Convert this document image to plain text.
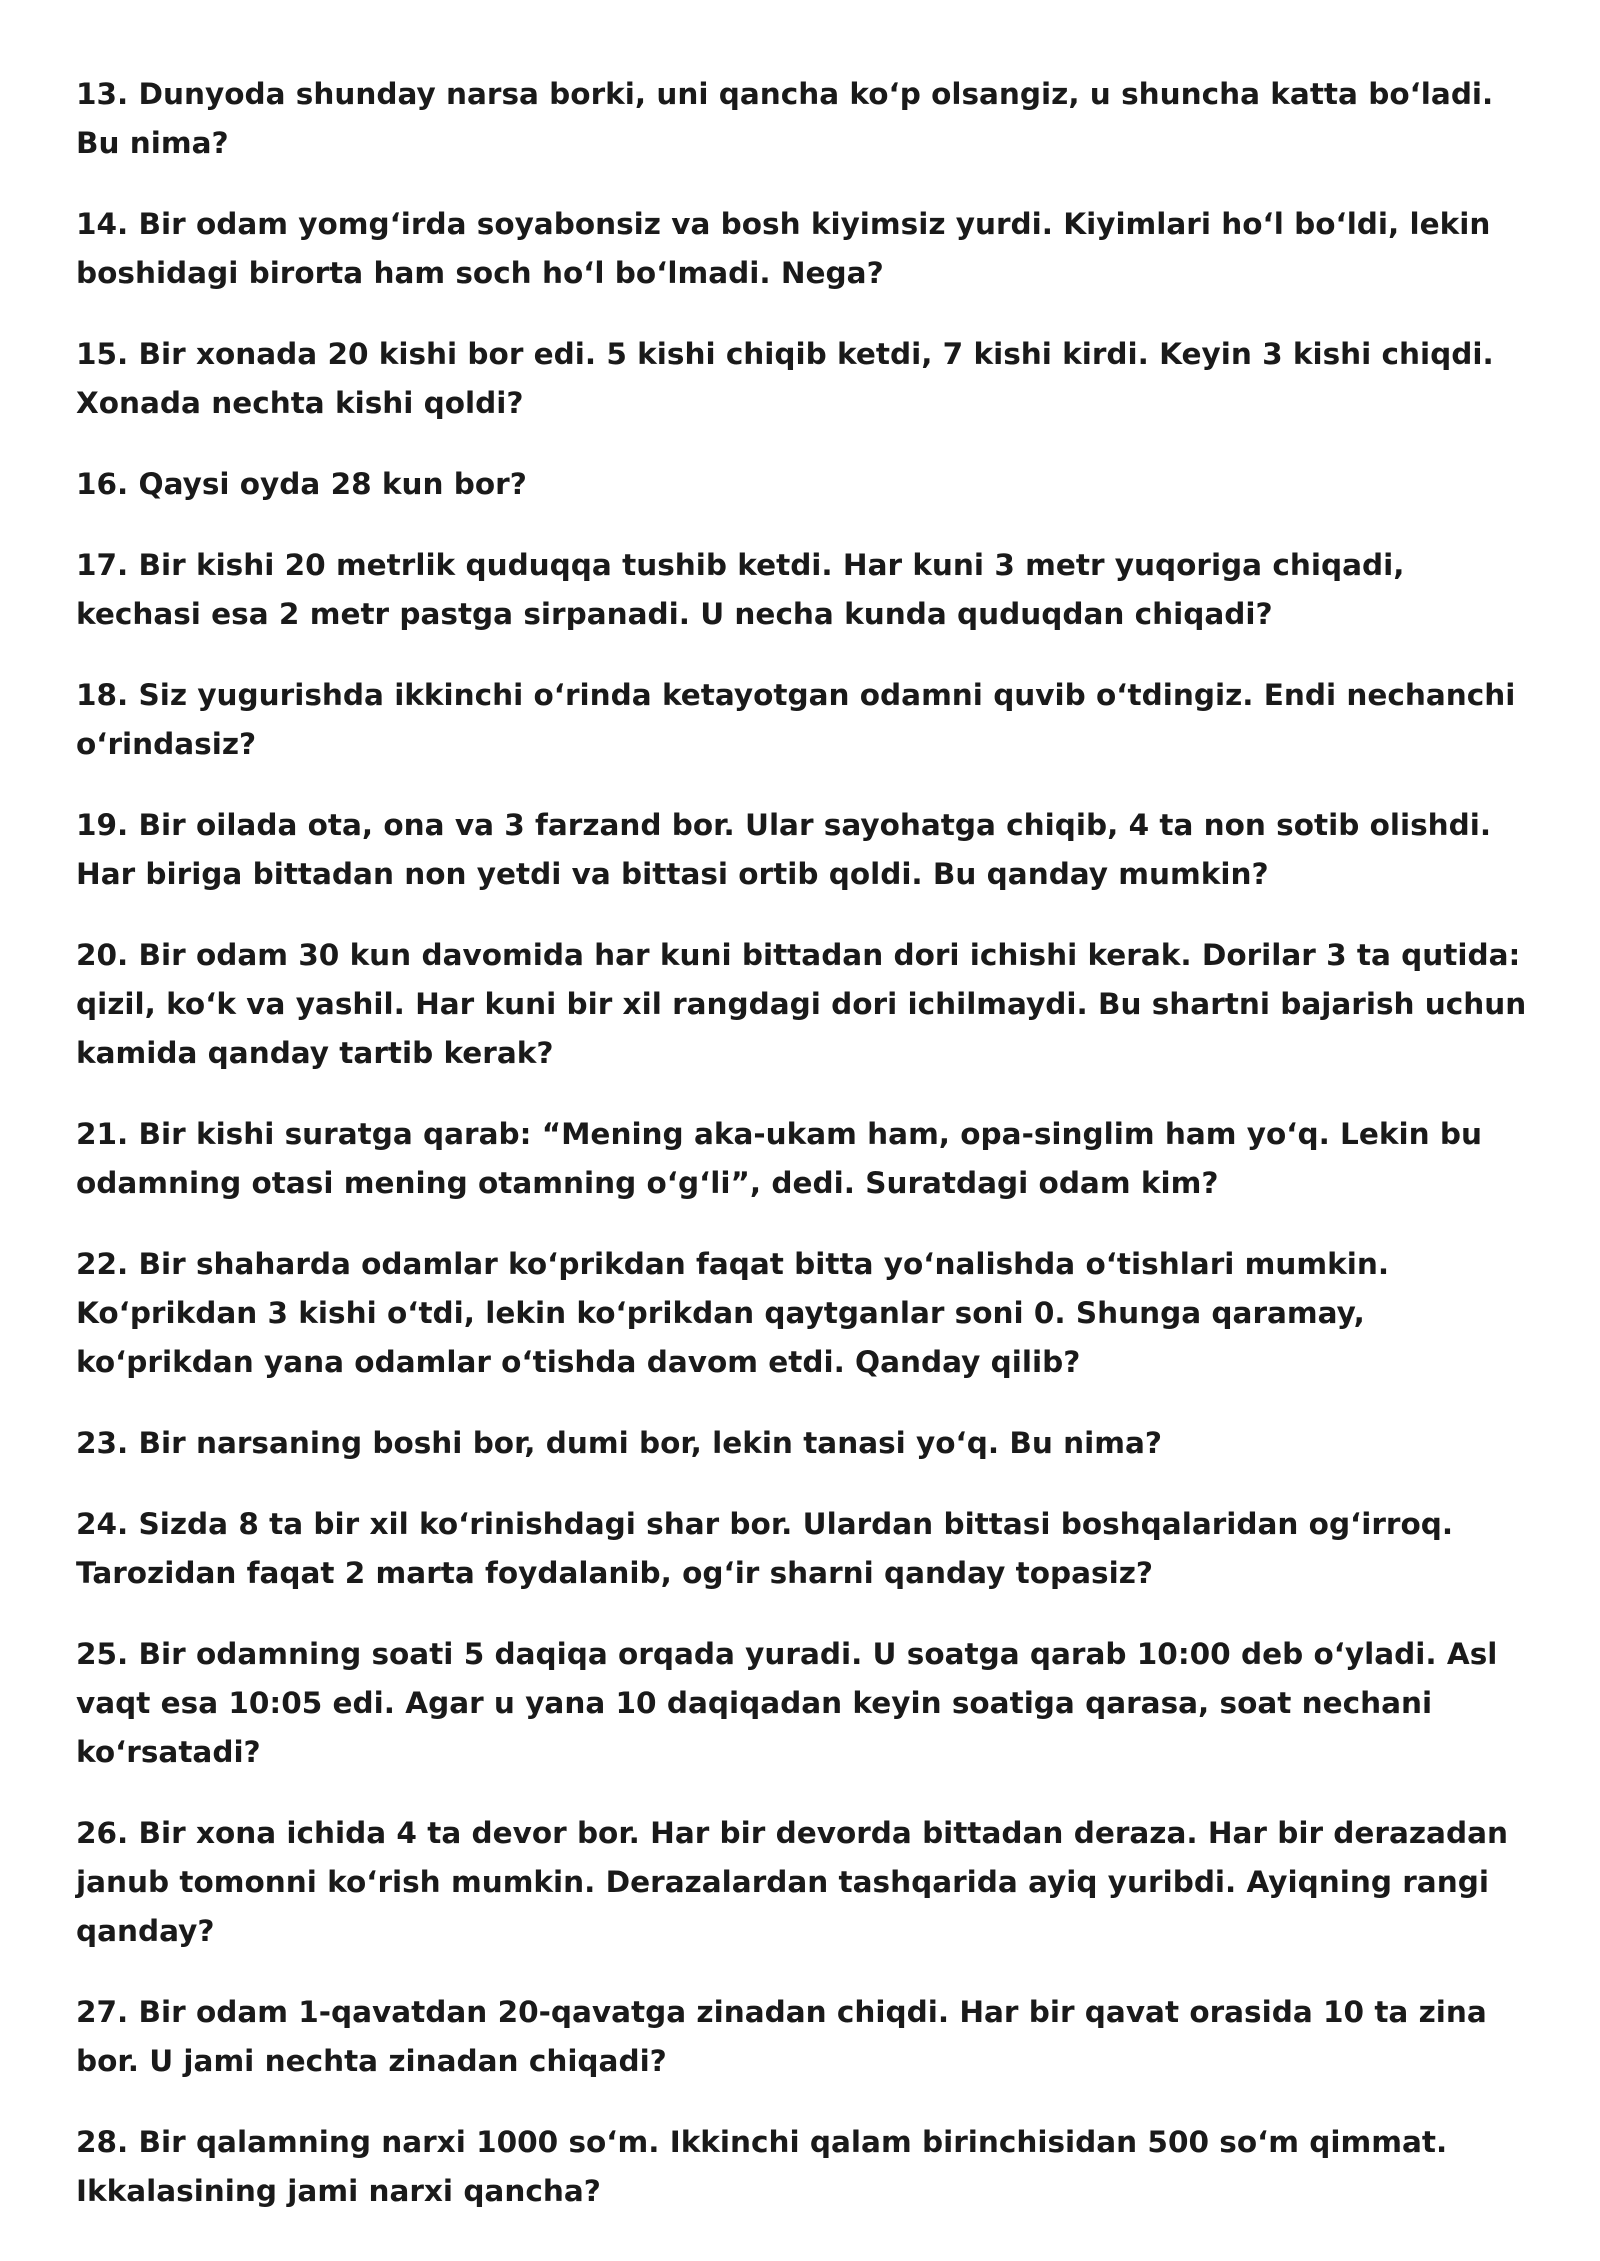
13. Dunyoda shunday narsa borki, uni qancha ko‘p olsangiz, u shuncha katta bo‘ladi. Bu nima?

14. Bir odam yomg‘irda soyabonsiz va bosh kiyimsiz yurdi. Kiyimlari ho‘l bo‘ldi, lekin boshidagi birorta ham soch ho‘l bo‘lmadi. Nega?

15. Bir xonada 20 kishi bor edi. 5 kishi chiqib ketdi, 7 kishi kirdi. Keyin 3 kishi chiqdi. Xonada nechta kishi qoldi?

16. Qaysi oyda 28 kun bor?

17. Bir kishi 20 metrlik quduqqa tushib ketdi. Har kuni 3 metr yuqoriga chiqadi, kechasi esa 2 metr pastga sirpanadi. U necha kunda quduqdan chiqadi?

18. Siz yugurishda ikkinchi o‘rinda ketayotgan odamni quvib o‘tdingiz. Endi nechanchi o‘rindasiz?

19. Bir oilada ota, ona va 3 farzand bor. Ular sayohatga chiqib, 4 ta non sotib olishdi. Har biriga bittadan non yetdi va bittasi ortib qoldi. Bu qanday mumkin?

20. Bir odam 30 kun davomida har kuni bittadan dori ichishi kerak. Dorilar 3 ta qutida: qizil, ko‘k va yashil. Har kuni bir xil rangdagi dori ichilmaydi. Bu shartni bajarish uchun kamida qanday tartib kerak?

21. Bir kishi suratga qarab: “Mening aka-ukam ham, opa-singlim ham yo‘q. Lekin bu odamning otasi mening otamning o‘g‘li”, dedi. Suratdagi odam kim?

22. Bir shaharda odamlar ko‘prikdan faqat bitta yo‘nalishda o‘tishlari mumkin. Ko‘prikdan 3 kishi o‘tdi, lekin ko‘prikdan qaytganlar soni 0. Shunga qaramay, ko‘prikdan yana odamlar o‘tishda davom etdi. Qanday qilib?

23. Bir narsaning boshi bor, dumi bor, lekin tanasi yo‘q. Bu nima?

24. Sizda 8 ta bir xil ko‘rinishdagi shar bor. Ulardan bittasi boshqalaridan og‘irroq. Tarozidan faqat 2 marta foydalanib, og‘ir sharni qanday topasiz?

25. Bir odamning soati 5 daqiqa orqada yuradi. U soatga qarab 10:00 deb o‘yladi. Asl vaqt esa 10:05 edi. Agar u yana 10 daqiqadan keyin soatiga qarasa, soat nechani ko‘rsatadi?

26. Bir xona ichida 4 ta devor bor. Har bir devorda bittadan deraza. Har bir derazadan janub tomonni ko‘rish mumkin. Derazalardan tashqarida ayiq yuribdi. Ayiqning rangi qanday?

27. Bir odam 1-qavatdan 20-qavatga zinadan chiqdi. Har bir qavat orasida 10 ta zina bor. U jami nechta zinadan chiqadi?

28. Bir qalamning narxi 1000 so‘m. Ikkinchi qalam birinchisidan 500 so‘m qimmat. Ikkalasining jami narxi qancha?
